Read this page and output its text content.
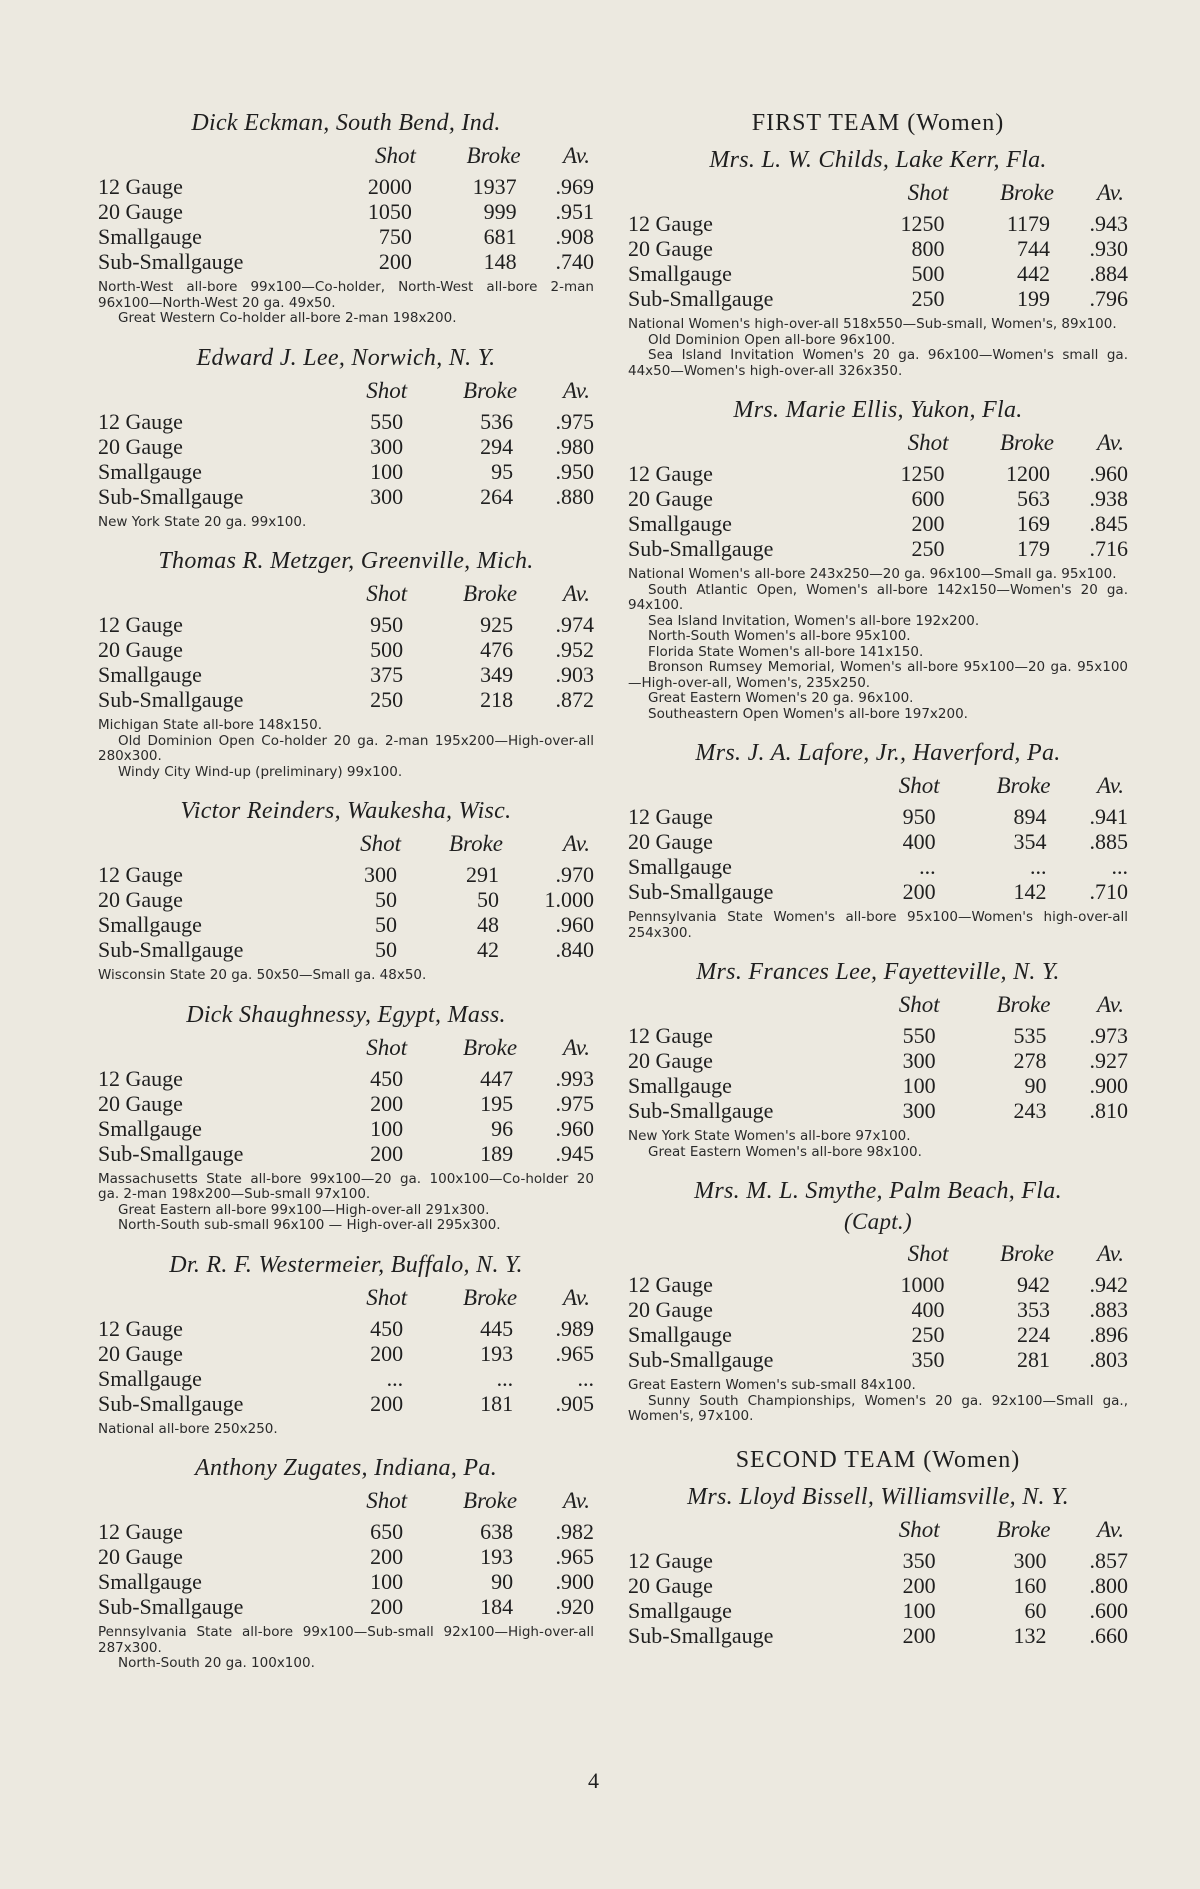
Dick Eckman, South Bend, Ind.
	Shot	Broke	Av.
12 Gauge	2000	1937	.969
20 Gauge	1050	999	.951
Smallgauge	750	681	.908
Sub-Smallgauge	200	148	.740

North-West all-bore 99x100—Co-holder, North-West all-bore 2-man 96x100—North-West 20 ga. 49x50.

Great Western Co-holder all-bore 2-man 198x200.

Edward J. Lee, Norwich, N. Y.
	Shot	Broke	Av.
12 Gauge	550	536	.975
20 Gauge	300	294	.980
Smallgauge	100	95	.950
Sub-Smallgauge	300	264	.880

New York State 20 ga. 99x100.

Thomas R. Metzger, Greenville, Mich.
	Shot	Broke	Av.
12 Gauge	950	925	.974
20 Gauge	500	476	.952
Smallgauge	375	349	.903
Sub-Smallgauge	250	218	.872

Michigan State all-bore 148x150.

Old Dominion Open Co-holder 20 ga. 2-man 195x200—High-over-all 280x300.

Windy City Wind-up (preliminary) 99x100.

Victor Reinders, Waukesha, Wisc.
	Shot	Broke	Av.
12 Gauge	300	291	.970
20 Gauge	50	50	1.000
Smallgauge	50	48	.960
Sub-Smallgauge	50	42	.840

Wisconsin State 20 ga. 50x50—Small ga. 48x50.

Dick Shaughnessy, Egypt, Mass.
	Shot	Broke	Av.
12 Gauge	450	447	.993
20 Gauge	200	195	.975
Smallgauge	100	96	.960
Sub-Smallgauge	200	189	.945

Massachusetts State all-bore 99x100—20 ga. 100x100—Co-holder 20 ga. 2-man 198x200—Sub-small 97x100.

Great Eastern all-bore 99x100—High-over-all 291x300.

North-South sub-small 96x100 — High-over-all 295x300.

Dr. R. F. Westermeier, Buffalo, N. Y.
	Shot	Broke	Av.
12 Gauge	450	445	.989
20 Gauge	200	193	.965
Smallgauge	...	...	...
Sub-Smallgauge	200	181	.905

National all-bore 250x250.

Anthony Zugates, Indiana, Pa.
	Shot	Broke	Av.
12 Gauge	650	638	.982
20 Gauge	200	193	.965
Smallgauge	100	90	.900
Sub-Smallgauge	200	184	.920

Pennsylvania State all-bore 99x100—Sub-small 92x100—High-over-all 287x300.

North-South 20 ga. 100x100.

FIRST TEAM (Women)
Mrs. L. W. Childs, Lake Kerr, Fla.
	Shot	Broke	Av.
12 Gauge	1250	1179	.943
20 Gauge	800	744	.930
Smallgauge	500	442	.884
Sub-Smallgauge	250	199	.796

National Women's high-over-all 518x550—Sub-small, Women's, 89x100.

Old Dominion Open all-bore 96x100.

Sea Island Invitation Women's 20 ga. 96x100—Women's small ga. 44x50—Women's high-over-all 326x350.

Mrs. Marie Ellis, Yukon, Fla.
	Shot	Broke	Av.
12 Gauge	1250	1200	.960
20 Gauge	600	563	.938
Smallgauge	200	169	.845
Sub-Smallgauge	250	179	.716

National Women's all-bore 243x250—20 ga. 96x100—Small ga. 95x100.

South Atlantic Open, Women's all-bore 142x150—Women's 20 ga. 94x100.

Sea Island Invitation, Women's all-bore 192x200.

North-South Women's all-bore 95x100.

Florida State Women's all-bore 141x150.

Bronson Rumsey Memorial, Women's all-bore 95x100—20 ga. 95x100—High-over-all, Women's, 235x250.

Great Eastern Women's 20 ga. 96x100.

Southeastern Open Women's all-bore 197x200.

Mrs. J. A. Lafore, Jr., Haverford, Pa.
	Shot	Broke	Av.
12 Gauge	950	894	.941
20 Gauge	400	354	.885
Smallgauge	...	...	...
Sub-Smallgauge	200	142	.710

Pennsylvania State Women's all-bore 95x100—Women's high-over-all 254x300.

Mrs. Frances Lee, Fayetteville, N. Y.
	Shot	Broke	Av.
12 Gauge	550	535	.973
20 Gauge	300	278	.927
Smallgauge	100	90	.900
Sub-Smallgauge	300	243	.810

New York State Women's all-bore 97x100.

Great Eastern Women's all-bore 98x100.

Mrs. M. L. Smythe, Palm Beach, Fla.
(Capt.)
	Shot	Broke	Av.
12 Gauge	1000	942	.942
20 Gauge	400	353	.883
Smallgauge	250	224	.896
Sub-Smallgauge	350	281	.803

Great Eastern Women's sub-small 84x100.

Sunny South Championships, Women's 20 ga. 92x100—Small ga., Women's, 97x100.

SECOND TEAM (Women)
Mrs. Lloyd Bissell, Williamsville, N. Y.
	Shot	Broke	Av.
12 Gauge	350	300	.857
20 Gauge	200	160	.800
Smallgauge	100	60	.600
Sub-Smallgauge	200	132	.660
4
